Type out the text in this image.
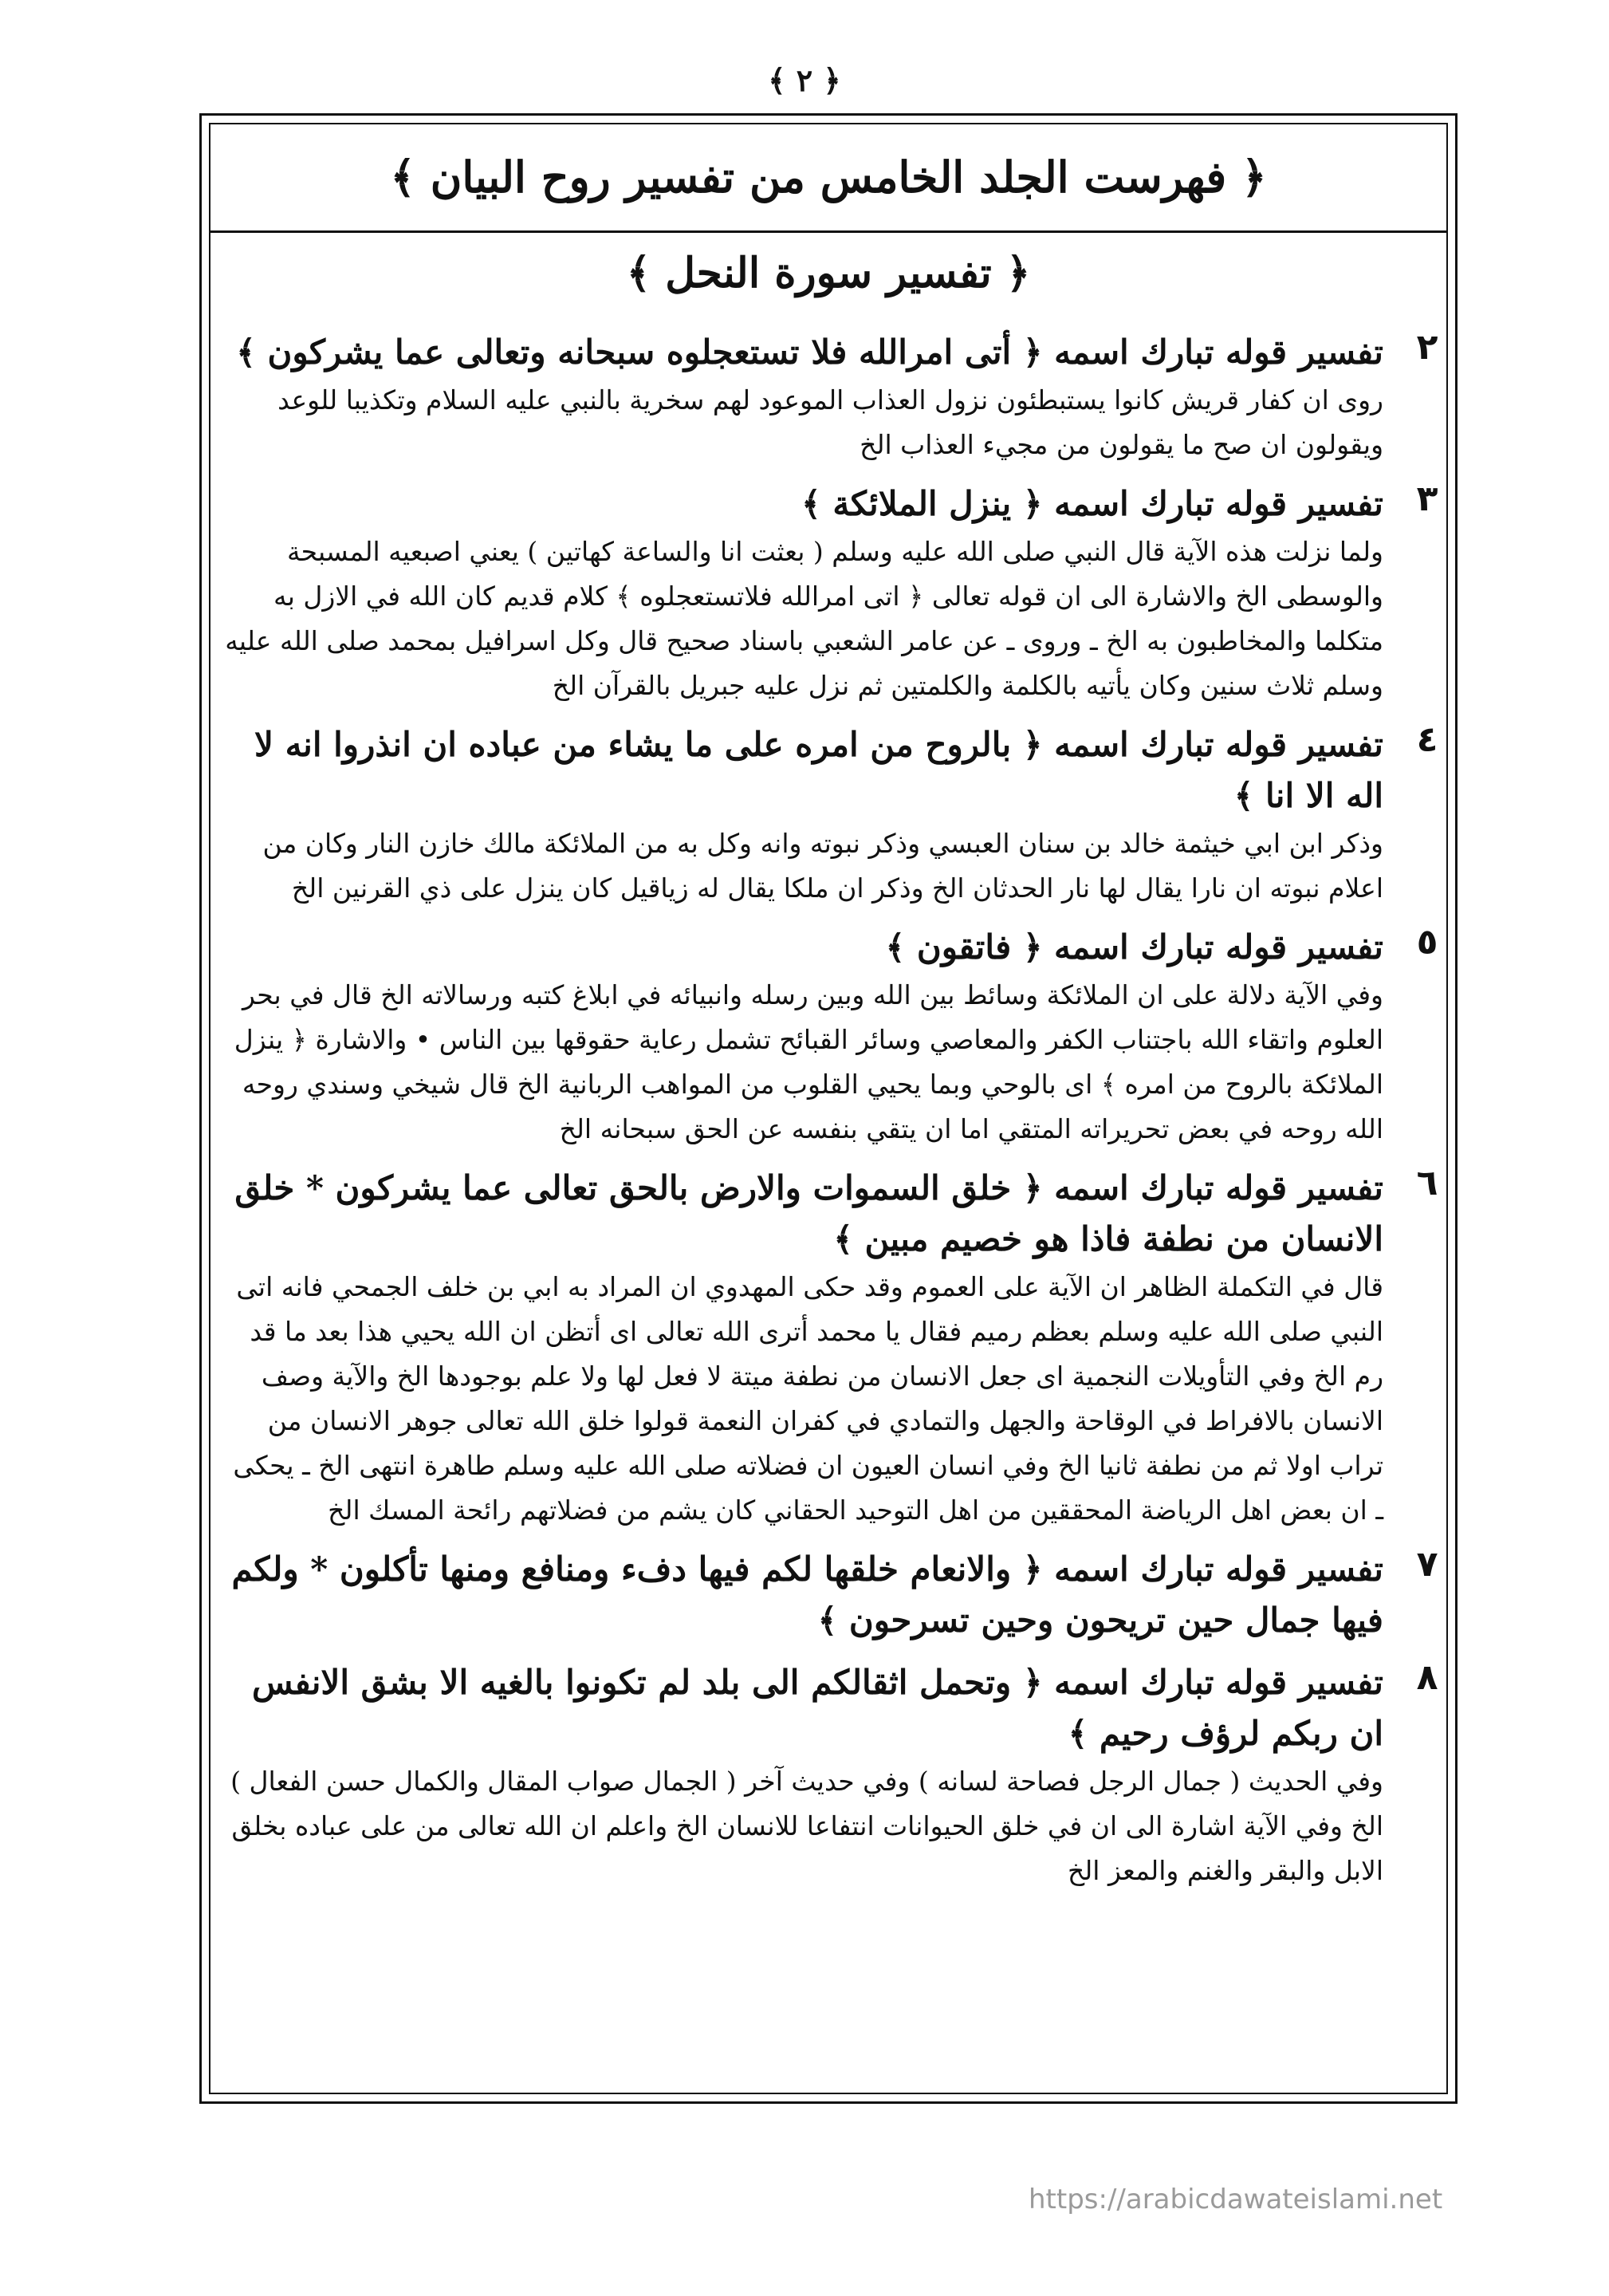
﴾ ٢ ﴿
﴿ فهرست الجلد الخامس من تفسير روح البيان ﴾
﴿ تفسير سورة النحل ﴾
٢
تفسير قوله تبارك اسمه ﴿ أتى امرالله فلا تستعجلوه سبحانه وتعالى عما يشركون ﴾
روى ان كفار قريش كانوا يستبطئون نزول العذاب الموعود لهم سخرية بالنبي عليه السلام وتكذيبا للوعد ويقولون ان صح ما يقولون من مجيء العذاب الخ
٣
تفسير قوله تبارك اسمه ﴿ ينزل الملائكة ﴾
ولما نزلت هذه الآية قال النبي صلى الله عليه وسلم ( بعثت انا والساعة كهاتين ) يعني اصبعيه المسبحة والوسطى الخ والاشارة الى ان قوله تعالى ﴿ اتى امرالله فلاتستعجلوه ﴾ كلام قديم كان الله في الازل به متكلما والمخاطبون به الخ ـ وروى ـ عن عامر الشعبي باسناد صحيح قال وكل اسرافيل بمحمد صلى الله عليه وسلم ثلاث سنين وكان يأتيه بالكلمة والكلمتين ثم نزل عليه جبريل بالقرآن الخ
٤
تفسير قوله تبارك اسمه ﴿ بالروح من امره على ما يشاء من عباده ان انذروا انه لا اله الا انا ﴾
وذكر ابن ابي خيثمة خالد بن سنان العبسي وذكر نبوته وانه وكل به من الملائكة مالك خازن النار وكان من اعلام نبوته ان نارا يقال لها نار الحدثان الخ وذكر ان ملكا يقال له زياقيل كان ينزل على ذي القرنين الخ
٥
تفسير قوله تبارك اسمه ﴿ فاتقون ﴾
وفي الآية دلالة على ان الملائكة وسائط بين الله وبين رسله وانبيائه في ابلاغ كتبه ورسالاته الخ قال في بحر العلوم واتقاء الله باجتناب الكفر والمعاصي وسائر القبائح تشمل رعاية حقوقها بين الناس • والاشارة ﴿ ينزل الملائكة بالروح من امره ﴾ اى بالوحي وبما يحيي القلوب من المواهب الربانية الخ قال شيخي وسندي روحه الله روحه في بعض تحريراته المتقي اما ان يتقي بنفسه عن الحق سبحانه الخ
٦
تفسير قوله تبارك اسمه ﴿ خلق السموات والارض بالحق تعالى عما يشركون * خلق الانسان من نطفة فاذا هو خصيم مبين ﴾
قال في التكملة الظاهر ان الآية على العموم وقد حكى المهدوي ان المراد به ابي بن خلف الجمحي فانه اتى النبي صلى الله عليه وسلم بعظم رميم فقال يا محمد أترى الله تعالى اى أتظن ان الله يحيي هذا بعد ما قد رم الخ وفي التأويلات النجمية اى جعل الانسان من نطفة ميتة لا فعل لها ولا علم بوجودها الخ والآية وصف الانسان بالافراط في الوقاحة والجهل والتمادي في كفران النعمة قولوا خلق الله تعالى جوهر الانسان من تراب اولا ثم من نطفة ثانيا الخ وفي انسان العيون ان فضلاته صلى الله عليه وسلم طاهرة انتهى الخ ـ يحكى ـ ان بعض اهل الرياضة المحققين من اهل التوحيد الحقاني كان يشم من فضلاتهم رائحة المسك الخ
٧
تفسير قوله تبارك اسمه ﴿ والانعام خلقها لكم فيها دفء ومنافع ومنها تأكلون * ولكم فيها جمال حين تريحون وحين تسرحون ﴾
٨
تفسير قوله تبارك اسمه ﴿ وتحمل اثقالكم الى بلد لم تكونوا بالغيه الا بشق الانفس ان ربكم لرؤف رحيم ﴾
وفي الحديث ( جمال الرجل فصاحة لسانه ) وفي حديث آخر ( الجمال صواب المقال والكمال حسن الفعال ) الخ وفي الآية اشارة الى ان في خلق الحيوانات انتفاعا للانسان الخ واعلم ان الله تعالى من على عباده بخلق الابل والبقر والغنم والمعز الخ
https://arabicdawateislami.net
